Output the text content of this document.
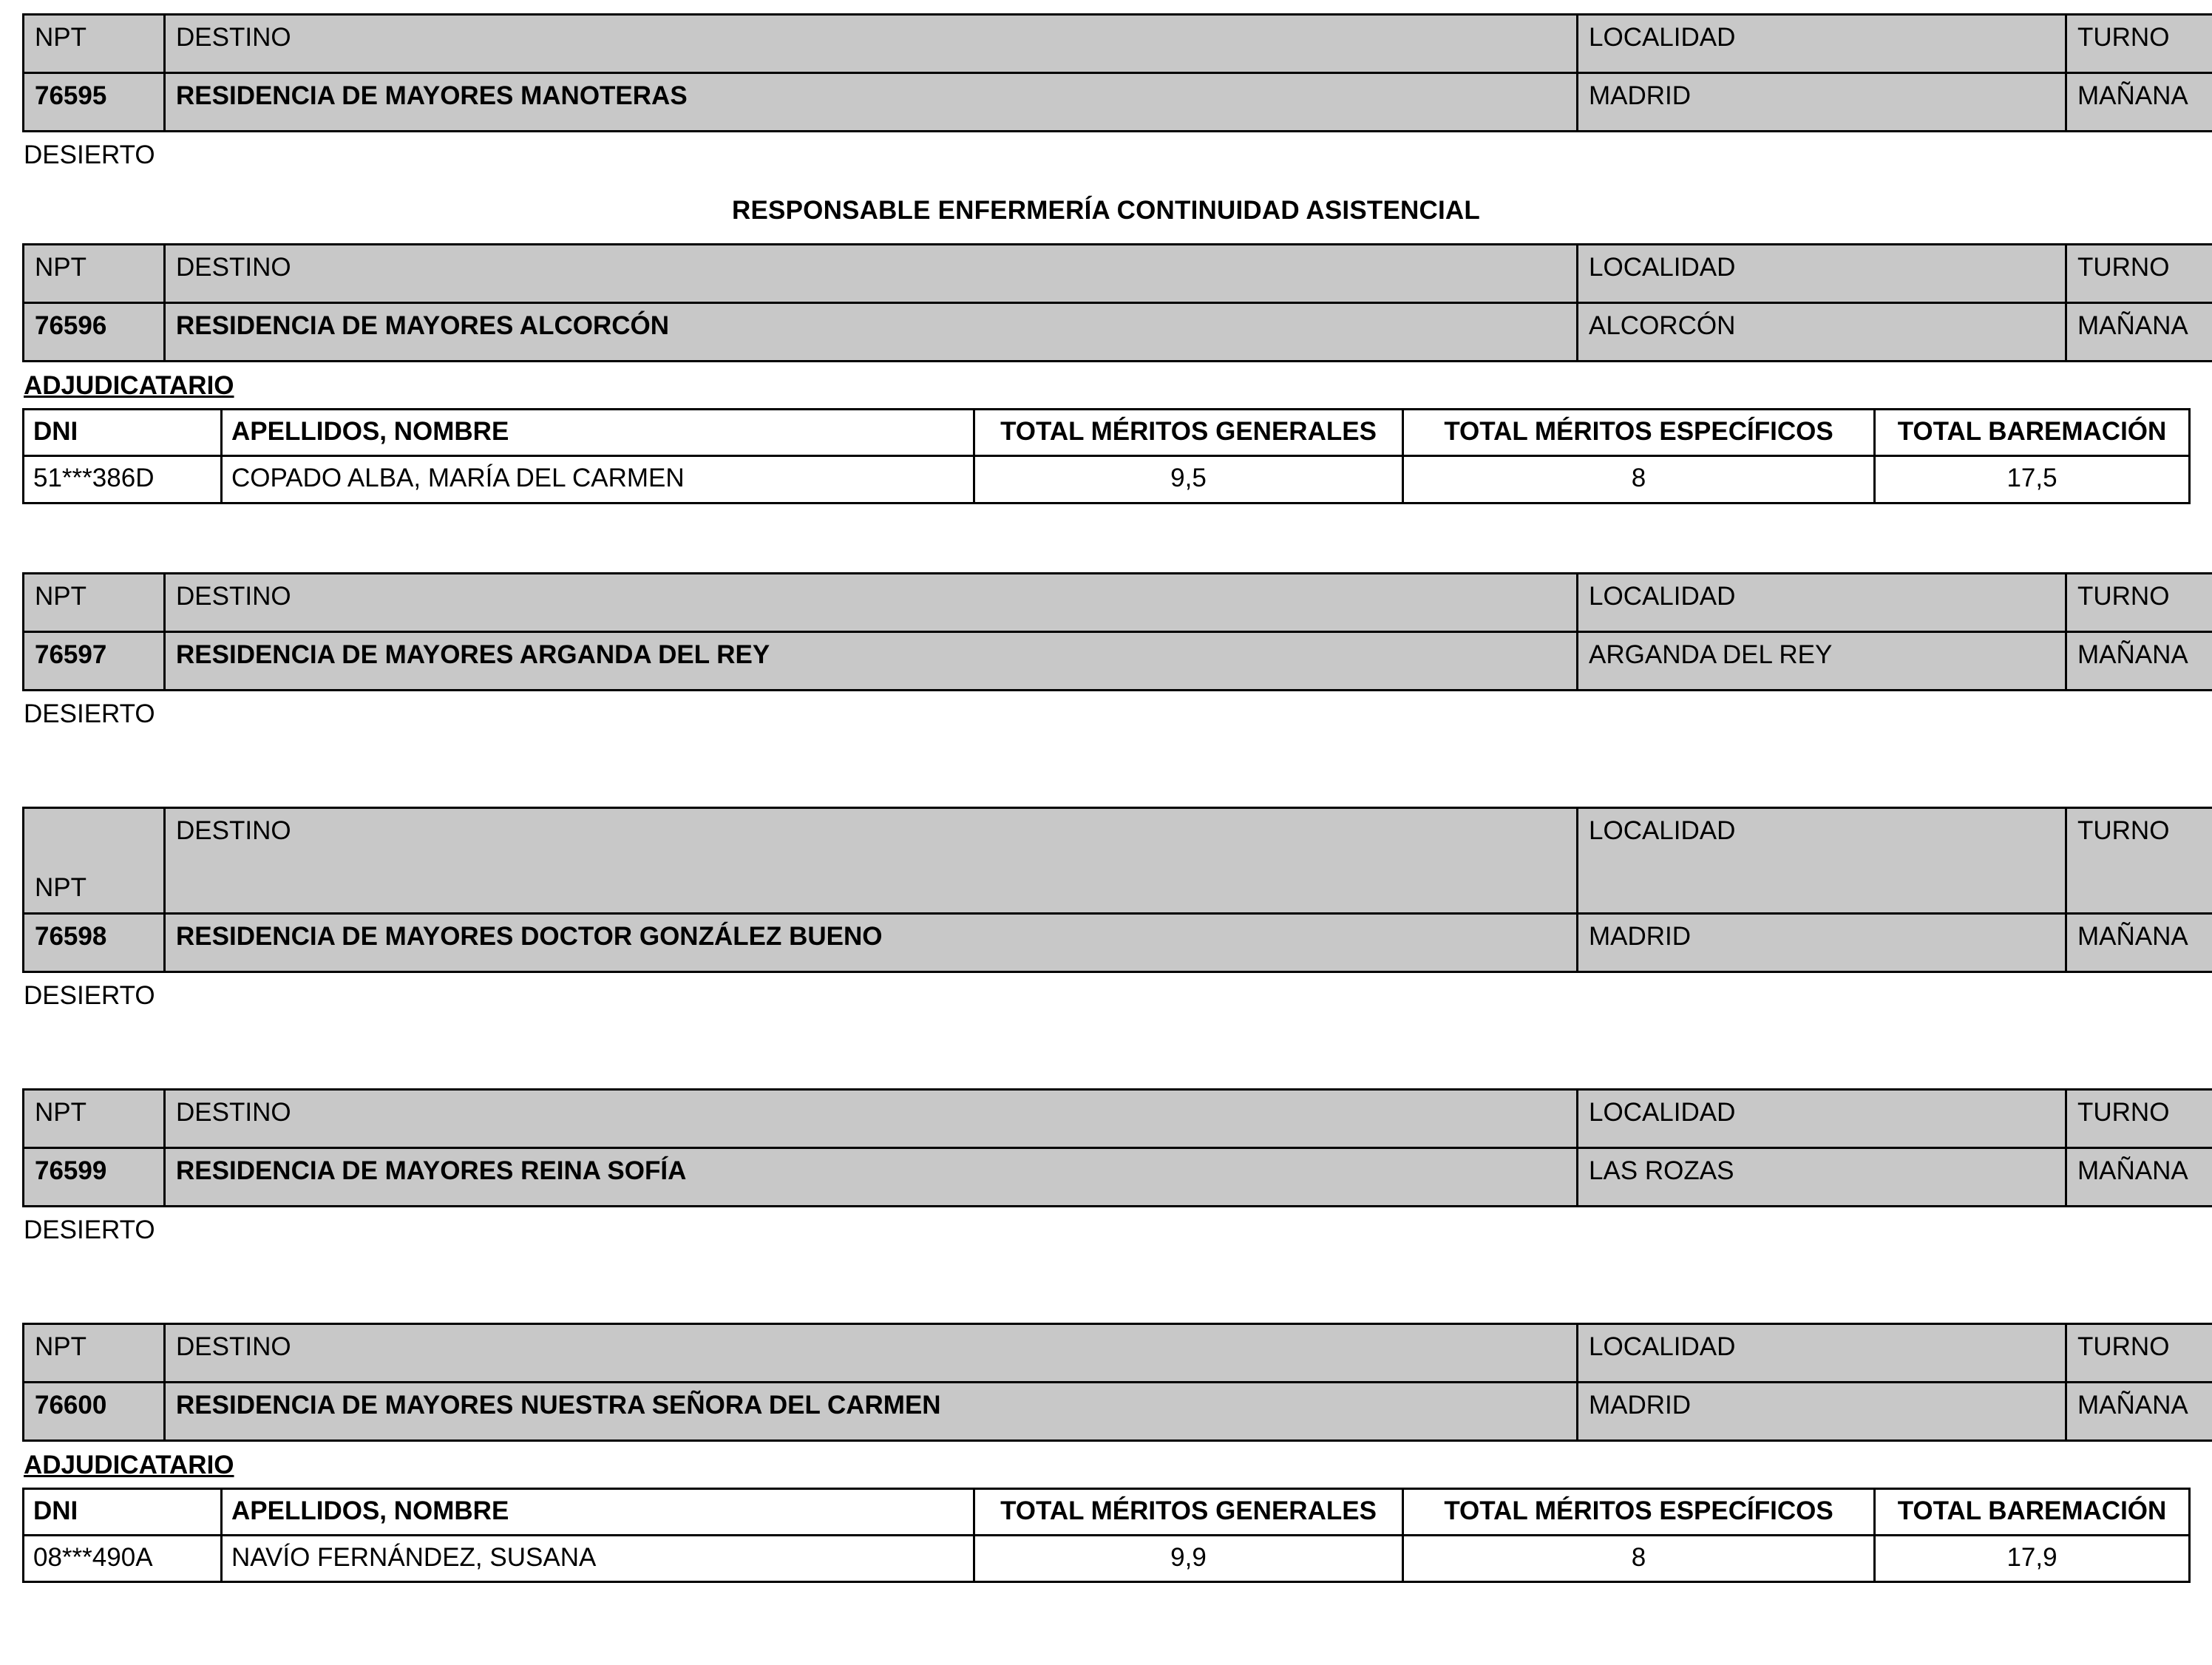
NPT	DESTINO	LOCALIDAD	TURNO
76595	RESIDENCIA DE MAYORES MANOTERAS	MADRID	MAÑANA
DESIERTO
RESPONSABLE ENFERMERÍA CONTINUIDAD ASISTENCIAL
NPT	DESTINO	LOCALIDAD	TURNO
76596	RESIDENCIA DE MAYORES ALCORCÓN	ALCORCÓN	MAÑANA
ADJUDICATARIO
DNI	APELLIDOS, NOMBRE	TOTAL MÉRITOS GENERALES	TOTAL MÉRITOS ESPECÍFICOS	TOTAL BAREMACIÓN
51***386D	COPADO ALBA, MARÍA DEL CARMEN	9,5	8	17,5
NPT	DESTINO	LOCALIDAD	TURNO
76597	RESIDENCIA DE MAYORES ARGANDA DEL REY	ARGANDA DEL REY	MAÑANA
DESIERTO
NPT	DESTINO	LOCALIDAD	TURNO
76598	RESIDENCIA DE MAYORES DOCTOR GONZÁLEZ BUENO	MADRID	MAÑANA
DESIERTO
NPT	DESTINO	LOCALIDAD	TURNO
76599	RESIDENCIA DE MAYORES REINA SOFÍA	LAS ROZAS	MAÑANA
DESIERTO
NPT	DESTINO	LOCALIDAD	TURNO
76600	RESIDENCIA DE MAYORES NUESTRA SEÑORA DEL CARMEN	MADRID	MAÑANA
ADJUDICATARIO
DNI	APELLIDOS, NOMBRE	TOTAL MÉRITOS GENERALES	TOTAL MÉRITOS ESPECÍFICOS	TOTAL BAREMACIÓN
08***490A	NAVÍO FERNÁNDEZ, SUSANA	9,9	8	17,9
